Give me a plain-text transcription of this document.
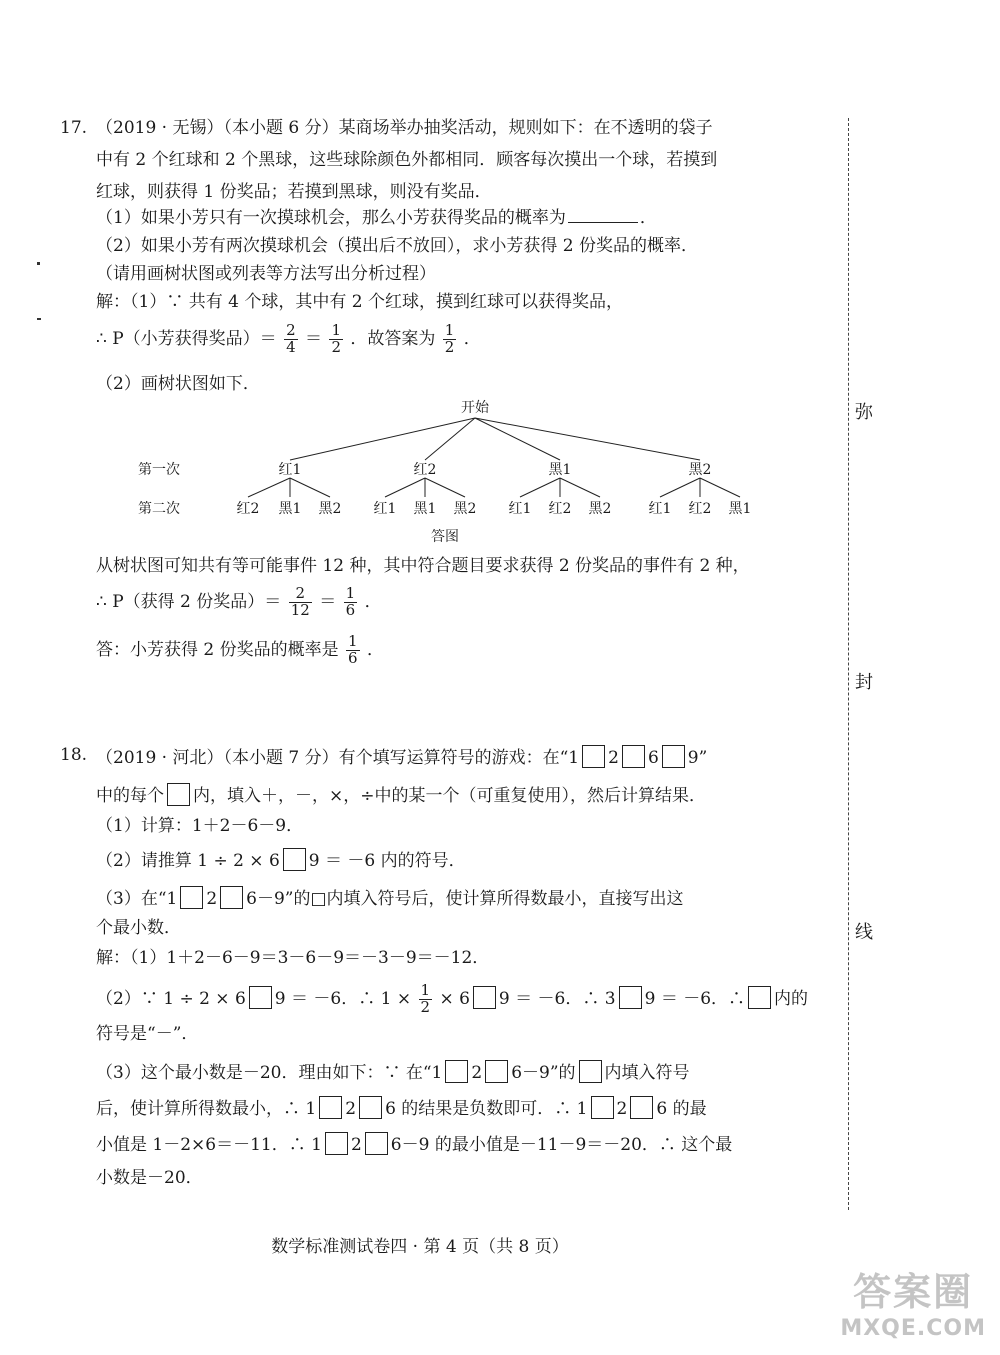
17. （2019 · 无锡）（本小题 6 分）某商场举办抽奖活动，规则如下：在不透明的袋子
中有 2 个红球和 2 个黑球，这些球除颜色外都相同．顾客每次摸出一个球，若摸到
红球，则获得 1 份奖品；若摸到黑球，则没有奖品．
（1）如果小芳只有一次摸球机会，那么小芳获得奖品的概率为	．
（2）如果小芳有两次摸球机会（摸出后不放回），求小芳获得 2 份奖品的概率．
（请用画树状图或列表等方法写出分析过程）
解：（1）∵ 共有 4 个球，其中有 2 个红球，摸到红球可以获得奖品，
∴ P（小芳获得奖品）＝ $\frac{2}{4} = \frac{1}{2}$ ．故答案为 $\frac{1}{2}$ ．
（2）画树状图如下．
开始
第一次
第二次
红1	红2	黑1	黑2
红2 黑1 黑2 红1 黑1 黑2 红1 红2 黑2	红1 红2 黑1
答图
从树状图可知共有等可能事件 12 种，其中符合题目要求获得 2 份奖品的事件有 2 种，
∴ P（获得 2 份奖品）＝ $\frac{2}{12} = \frac{1}{6}$ ．
答：小芳获得 2 份奖品的概率是 $\frac{1}{6}$ ．
18. （2019 · 河北）（本小题 7 分）有个填写运算符号的游戏：在“1 2 6 9”
中的每个 内，填入＋，－，×，÷中的某一个（可重复使用），然后计算结果．
（1）计算：1＋2－6－9．
（2）请推算 1 ÷ 2 × 6 9 ＝ －6 内的符号．
（3）在“1 2 6－9”的□内填入符号后，使计算所得数最小，直接写出这
个最小数．
解：（1）1＋2－6－9＝3－6－9＝－3－9＝－12．
（2）∵ 1 ÷ 2 × 6 9 ＝ －6．∴ $1 \times \frac{1}{2} \times 6$ 9 ＝ －6．∴ 3 9 ＝ －6．∴ 内的
符号是“－”．
（3）这个最小数是－20．理由如下：∵ 在“1 2 6－9”的 内填入符号
后，使计算所得数最小，∴ 1 2 6 的结果是负数即可．∴ 1 2 6 的最
小值是 1－2×6＝－11．∴ 1 2 6－9 的最小值是－11－9＝－20．∴ 这个最
小数是－20．
弥
封
线
数学标准测试卷四 · 第 4 页（共 8 页）
答案圈
MXQE.COM
